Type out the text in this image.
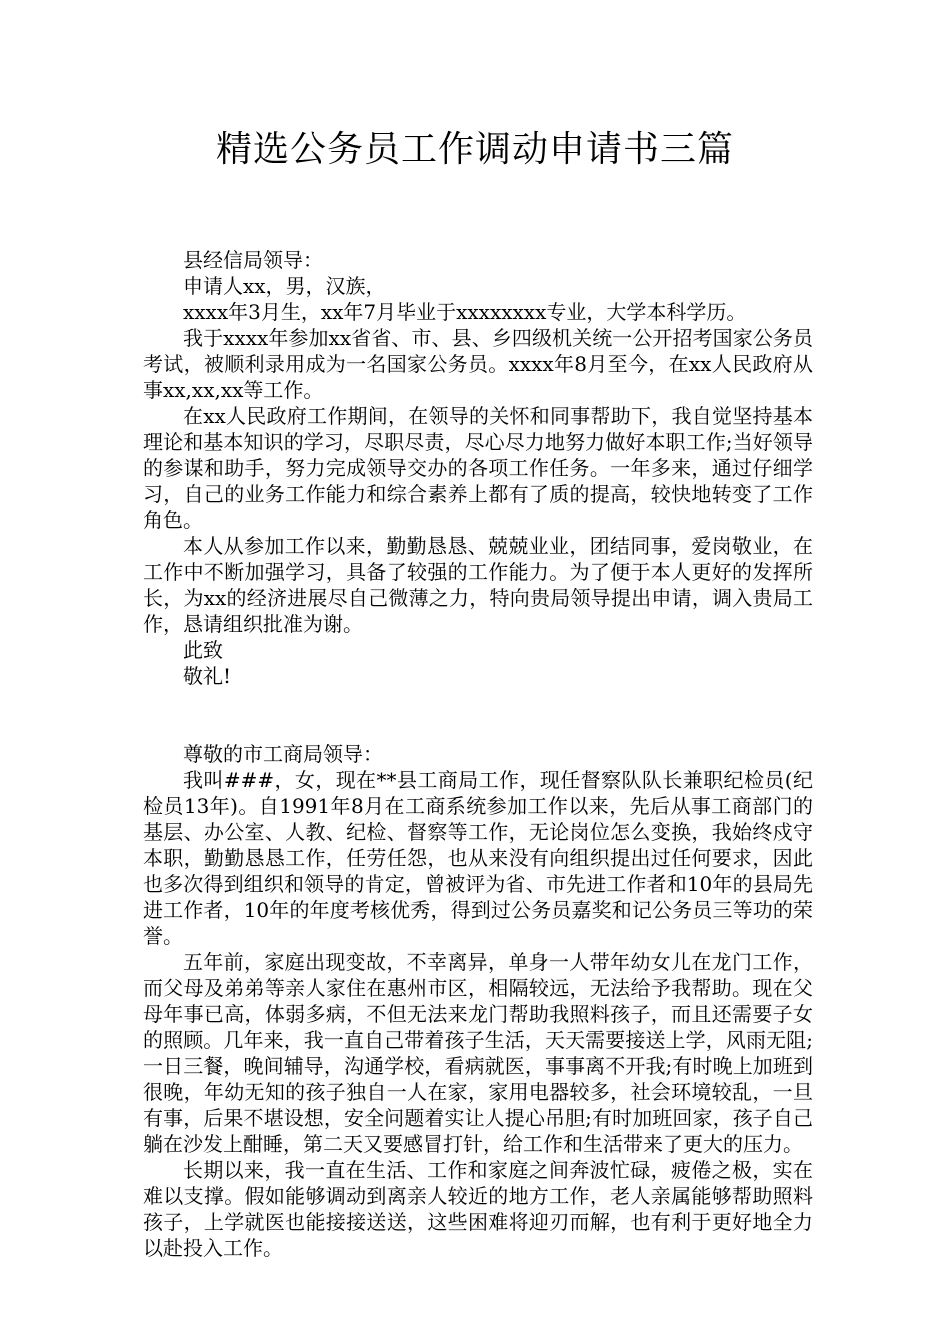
精选公务员工作调动申请书三篇

县经信局领导：

申请人xx，男，汉族，

xxxx年3月生，xx年7月毕业于xxxxxxxx专业，大学本科学历。

我于xxxx年参加xx省省、市、县、乡四级机关统一公开招考国家公务员考试，被顺利录用成为一名国家公务员。xxxx年8月至今，在xx人民政府从事xx,xx,xx等工作。

在xx人民政府工作期间，在领导的关怀和同事帮助下，我自觉坚持基本理论和基本知识的学习，尽职尽责，尽心尽力地努力做好本职工作;当好领导的参谋和助手，努力完成领导交办的各项工作任务。一年多来，通过仔细学习，自己的业务工作能力和综合素养上都有了质的提高，较快地转变了工作角色。

本人从参加工作以来，勤勤恳恳、兢兢业业，团结同事，爱岗敬业，在工作中不断加强学习，具备了较强的工作能力。为了便于本人更好的发挥所长，为xx的经济进展尽自己微薄之力，特向贵局领导提出申请，调入贵局工作，恳请组织批准为谢。

此致

敬礼!

尊敬的市工商局领导：

我叫###，女，现在**县工商局工作，现任督察队队长兼职纪检员(纪检员13年)。自1991年8月在工商系统参加工作以来，先后从事工商部门的基层、办公室、人教、纪检、督察等工作，无论岗位怎么变换，我始终戍守本职，勤勤恳恳工作，任劳任怨，也从来没有向组织提出过任何要求，因此也多次得到组织和领导的肯定，曾被评为省、市先进工作者和10年的县局先进工作者，10年的年度考核优秀，得到过公务员嘉奖和记公务员三等功的荣誉。

五年前，家庭出现变故，不幸离异，单身一人带年幼女儿在龙门工作，而父母及弟弟等亲人家住在惠州市区，相隔较远，无法给予我帮助。现在父母年事已高，体弱多病，不但无法来龙门帮助我照料孩子，而且还需要子女的照顾。几年来，我一直自己带着孩子生活，天天需要接送上学，风雨无阻;一日三餐，晚间辅导，沟通学校，看病就医，事事离不开我;有时晚上加班到很晚，年幼无知的孩子独自一人在家，家用电器较多，社会环境较乱，一旦有事，后果不堪设想，安全问题着实让人提心吊胆;有时加班回家，孩子自己躺在沙发上酣睡，第二天又要感冒打针，给工作和生活带来了更大的压力。

长期以来，我一直在生活、工作和家庭之间奔波忙碌，疲倦之极，实在难以支撑。假如能够调动到离亲人较近的地方工作，老人亲属能够帮助照料孩子，上学就医也能接接送送，这些困难将迎刃而解，也有利于更好地全力以赴投入工作。
